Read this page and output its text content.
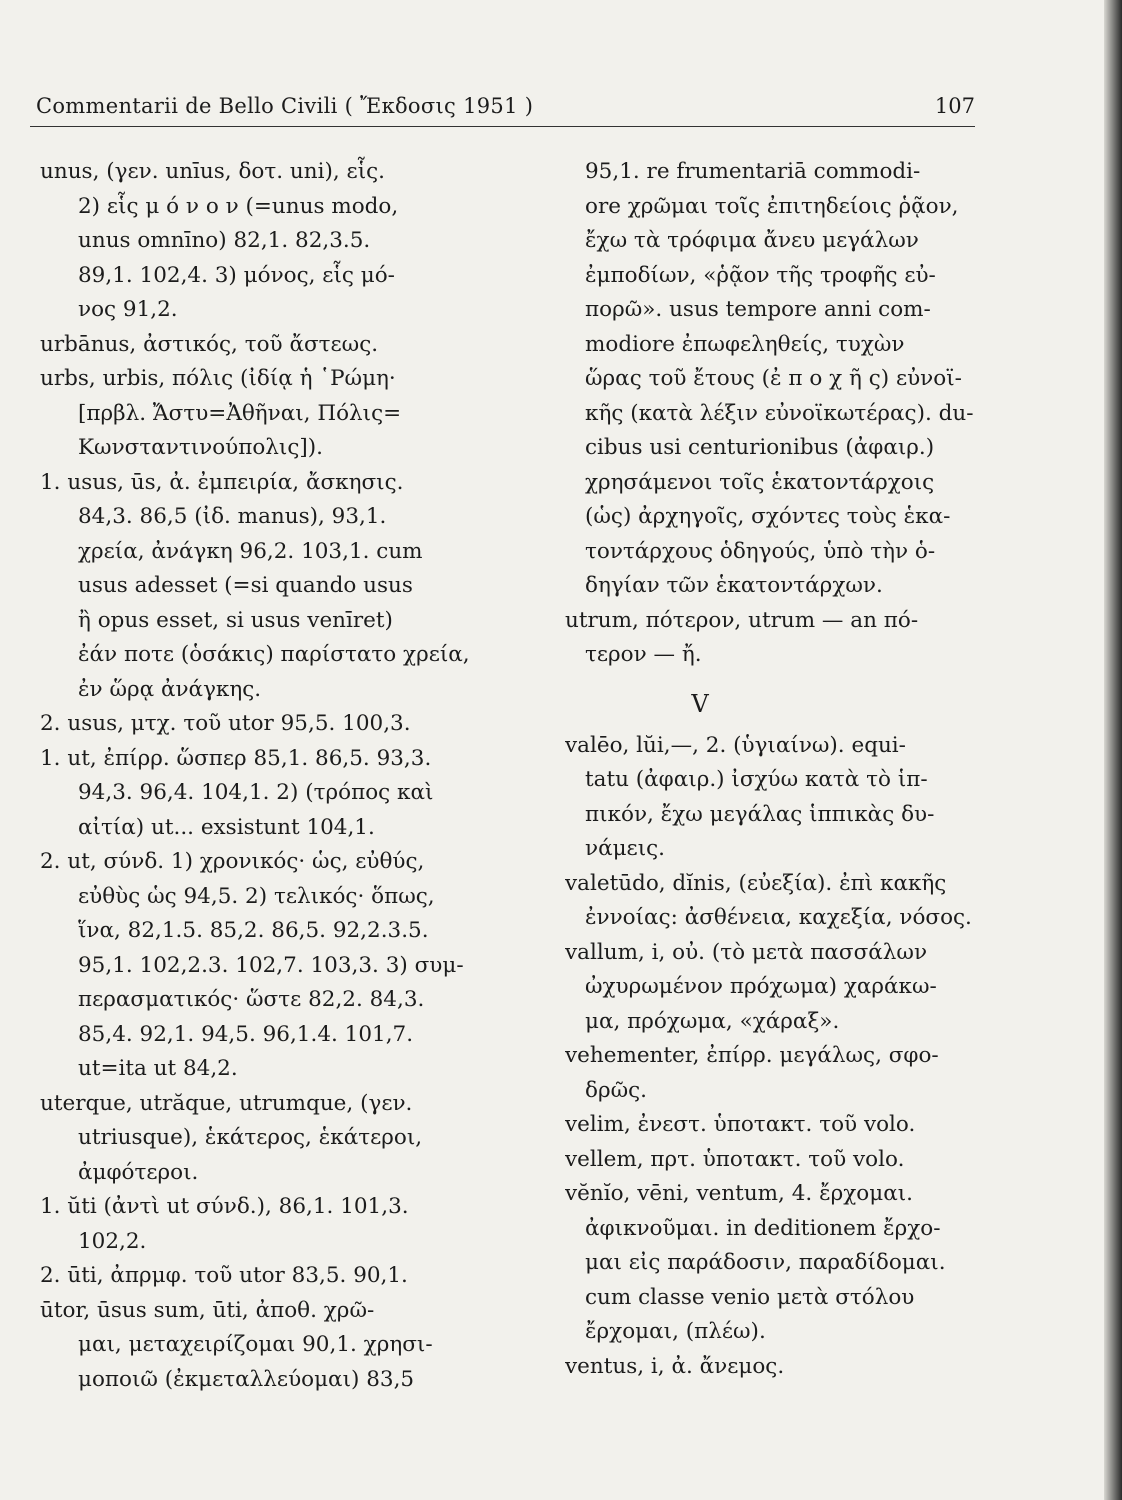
Commentarii de Bello Civili ( Ἔκδοσις 1951 )	107
unus, (γεν. unīus, δοτ. uni), εἷς.
2) εἷς μ ό ν ο ν (=unus modo,
unus omnīno) 82,1. 82,3.5.
89,1. 102,4. 3) μόνος, εἷς μό-
νος 91,2.
urbānus, ἀστικός, τοῦ ἄστεως.
urbs, urbis, πόλις (ἰδίᾳ ἡ ῾Ρώμη·
[πρβλ. Ἄστυ=Ἀθῆναι, Πόλις=
Κωνσταντινούπολις]).
1. usus, ūs, ἀ. ἐμπειρία, ἄσκησις.
84,3. 86,5 (ἰδ. manus), 93,1.
χρεία, ἀνάγκη 96,2. 103,1. cum
usus adesset (=si quando usus
ἢ opus esset, si usus venīret)
ἐάν ποτε (ὁσάκις) παρίστατο χρεία,
ἐν ὥρᾳ ἀνάγκης.
2. usus, μτχ. τοῦ utor 95,5. 100,3.
1. ut, ἐπίρρ. ὥσπερ 85,1. 86,5. 93,3.
94,3. 96,4. 104,1. 2) (τρόπος καὶ
αἰτία) ut... exsistunt 104,1.
2. ut, σύνδ. 1) χρονικός· ὡς, εὐθύς,
εὐθὺς ὡς 94,5. 2) τελικός· ὅπως,
ἵνα, 82,1.5. 85,2. 86,5. 92,2.3.5.
95,1. 102,2.3. 102,7. 103,3. 3) συμ-
περασματικός· ὥστε 82,2. 84,3.
85,4. 92,1. 94,5. 96,1.4. 101,7.
ut=ita ut 84,2.
uterque, utrăque, utrumque, (γεν.
utriusque), ἑκάτερος, ἑκάτεροι,
ἀμφότεροι.
1. ŭti (ἀντὶ ut σύνδ.), 86,1. 101,3.
102,2.
2. ūti, ἀπρμφ. τοῦ utor 83,5. 90,1.
ūtor, ūsus sum, ūti, ἀποθ. χρῶ-
μαι, μεταχειρίζομαι 90,1. χρησι-
μοποιῶ (ἐκμεταλλεύομαι) 83,5
95,1. re frumentariā commodi-
ore χρῶμαι τοῖς ἐπιτηδείοις ῥᾷον,
ἔχω τὰ τρόφιμα ἄνευ μεγάλων
ἐμποδίων, «ῥᾷον τῆς τροφῆς εὐ-
πορῶ». usus tempore anni com-
modiore ἐπωφεληθείς, τυχὼν
ὥρας τοῦ ἔτους (ἐ π ο χ ῆ ς) εὐνοϊ-
κῆς (κατὰ λέξιν εὐνοϊκωτέρας). du-
cibus usi centurionibus (ἀφαιρ.)
χρησάμενοι τοῖς ἑκατοντάρχοις
(ὡς) ἀρχηγοῖς, σχόντες τοὺς ἑκα-
τοντάρχους ὁδηγούς, ὑπὸ τὴν ὁ-
δηγίαν τῶν ἑκατοντάρχων.
utrum, πότερον, utrum — an πό-
τερον — ἤ.
V
valēo, lŭi,—, 2. (ὑγιαίνω). equi-
tatu (ἀφαιρ.) ἰσχύω κατὰ τὸ ἱπ-
πικόν, ἔχω μεγάλας ἱππικὰς δυ-
νάμεις.
valetūdo, dĭnis, (εὐεξία). ἐπὶ κακῆς
ἐννοίας: ἀσθένεια, καχεξία, νόσος.
vallum, i, οὐ. (τὸ μετὰ πασσάλων
ὠχυρωμένον πρόχωμα) χαράκω-
μα, πρόχωμα, «χάραξ».
vehementer, ἐπίρρ. μεγάλως, σφο-
δρῶς.
velim, ἐνεστ. ὑποτακτ. τοῦ volo.
vellem, πρτ. ὑποτακτ. τοῦ volo.
vĕnĭo, vēni, ventum, 4. ἔρχομαι.
ἀφικνοῦμαι. in deditionem ἔρχο-
μαι εἰς παράδοσιν, παραδίδομαι.
cum classe venio μετὰ στόλου
ἔρχομαι, (πλέω).
ventus, i, ἀ. ἄνεμος.
